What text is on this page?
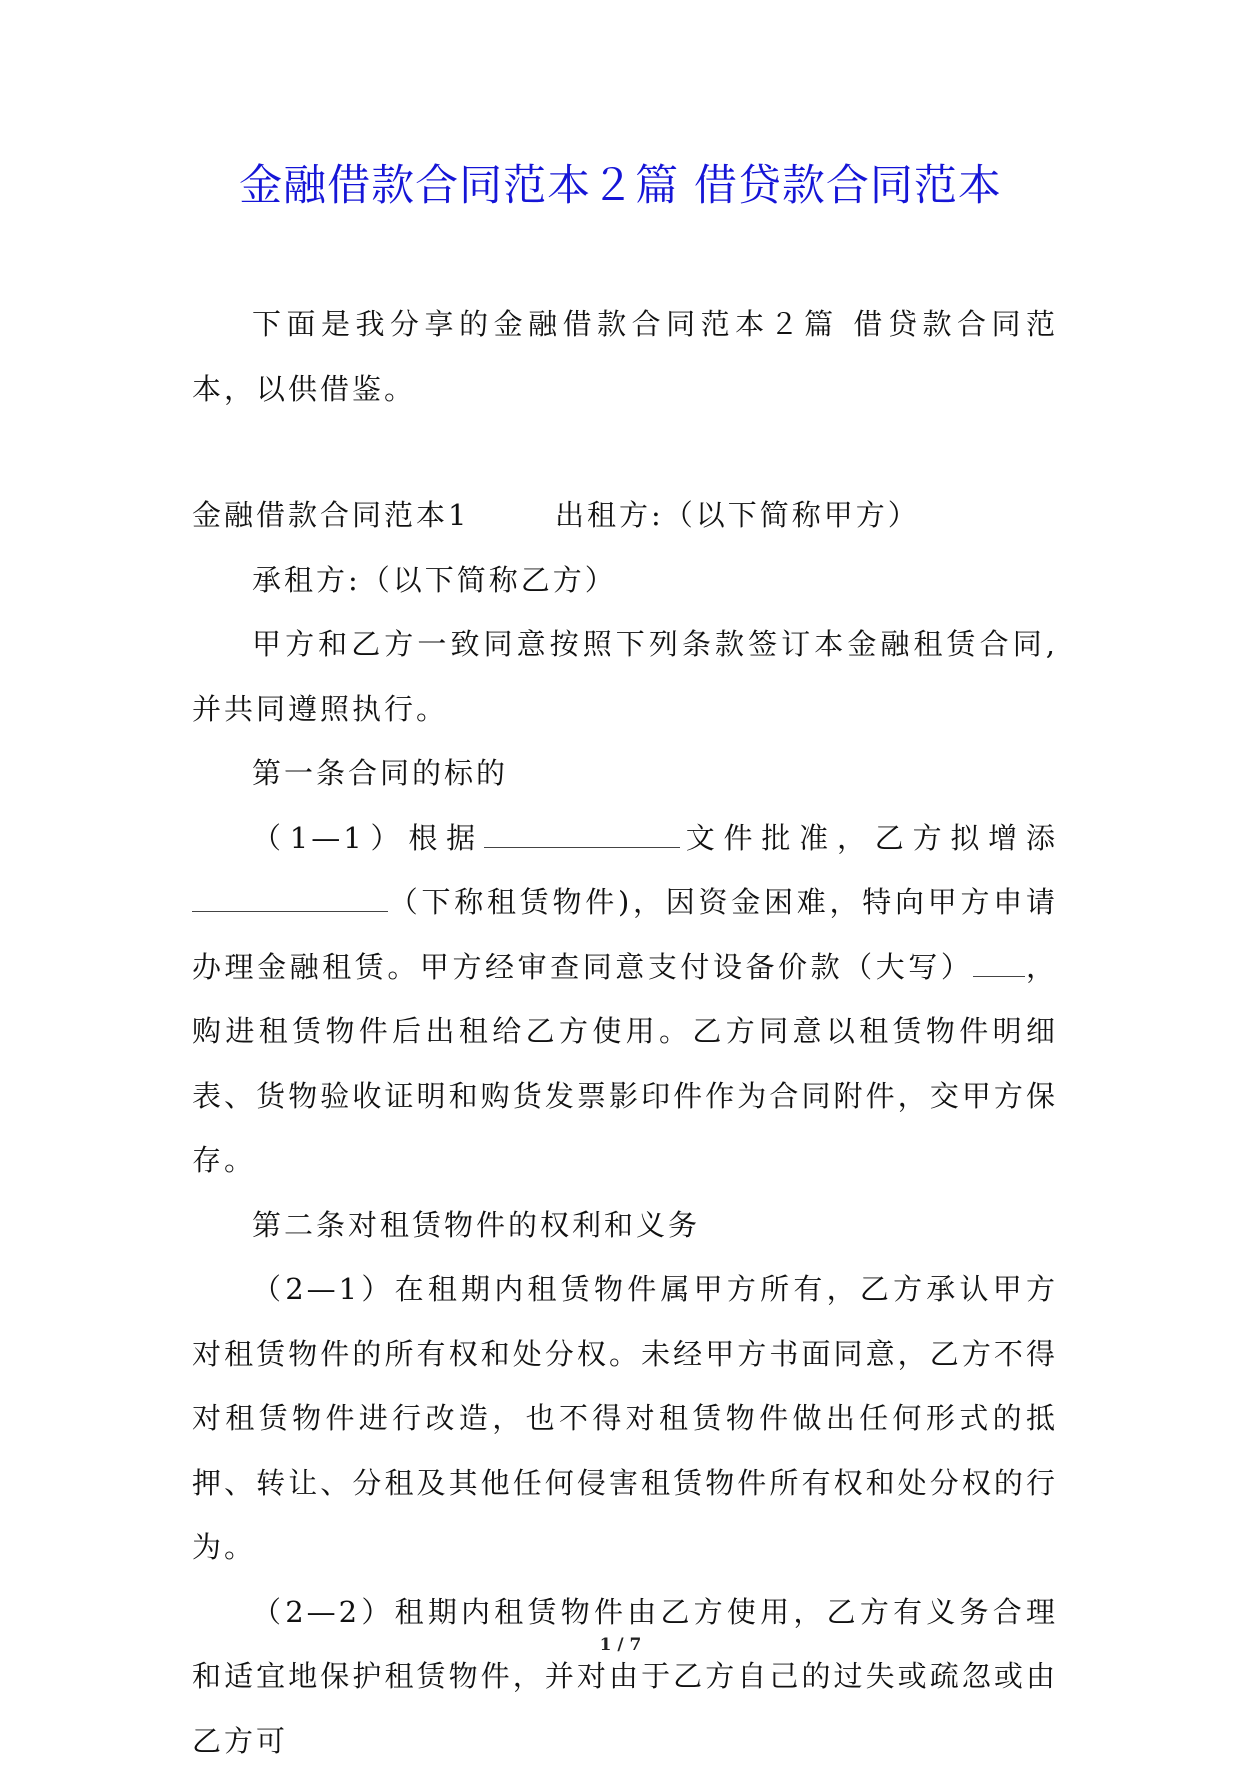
金融借款合同范本２篇 借贷款合同范本

下面是我分享的金融借款合同范本２篇 借贷款合同范本，以供借鉴。

金融借款合同范本1	出租方:（以下简称甲方）

承租方:（以下简称乙方）

甲方和乙方一致同意按照下列条款签订本金融租赁合同,并共同遵照执行。

第一条合同的标的

（1—1）根据	文件批准，乙方拟增添（下称租赁物件)，因资金困难，特向甲方申请办理金融租赁。甲方经审查同意支付设备价款（大写） ，购进租赁物件后出租给乙方使用。乙方同意以租赁物件明细表、货物验收证明和购货发票影印件作为合同附件，交甲方保存。

第二条对租赁物件的权利和义务

（2—1）在租期内租赁物件属甲方所有，乙方承认甲方对租赁物件的所有权和处分权。未经甲方书面同意，乙方不得对租赁物件进行改造，也不得对租赁物件做出任何形式的抵押、转让、分租及其他任何侵害租赁物件所有权和处分权的行为。

（2—2）租期内租赁物件由乙方使用，乙方有义务合理和适宜地保护租赁物件，并对由于乙方自己的过失或疏忽或由乙方可

1 / 7
